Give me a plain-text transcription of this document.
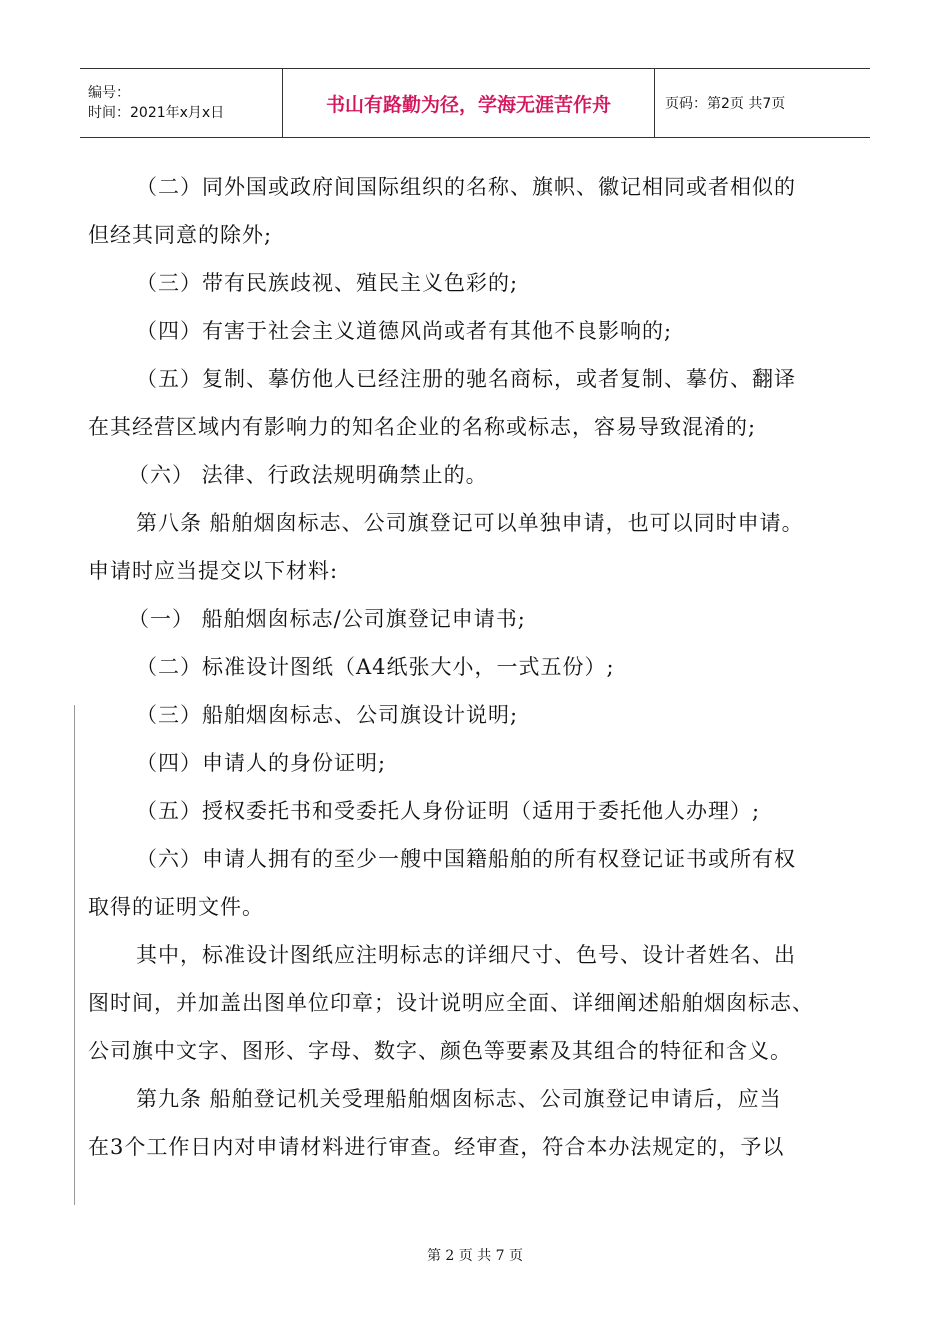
编号：
时间：2021年x月x日	书山有路勤为径，学海无涯苦作舟	页码：第2页 共7页

（二）同外国或政府间国际组织的名称、旗帜、徽记相同或者相似的

但经其同意的除外;

（三）带有民族歧视、殖民主义色彩的;

（四）有害于社会主义道德风尚或者有其他不良影响的;

（五）复制、摹仿他人已经注册的驰名商标，或者复制、摹仿、翻译

在其经营区域内有影响力的知名企业的名称或标志，容易导致混淆的;

（六） 法律、行政法规明确禁止的。

第八条 船舶烟囱标志、公司旗登记可以单独申请，也可以同时申请。

申请时应当提交以下材料:

（一） 船舶烟囱标志/公司旗登记申请书;

（二）标准设计图纸（A4纸张大小，一式五份）;

（三）船舶烟囱标志、公司旗设计说明;

（四）申请人的身份证明;

（五）授权委托书和受委托人身份证明（适用于委托他人办理）;

（六）申请人拥有的至少一艘中国籍船舶的所有权登记证书或所有权

取得的证明文件。

其中，标准设计图纸应注明标志的详细尺寸、色号、设计者姓名、出

图时间，并加盖出图单位印章；设计说明应全面、详细阐述船舶烟囱标志、

公司旗中文字、图形、字母、数字、颜色等要素及其组合的特征和含义。

第九条 船舶登记机关受理船舶烟囱标志、公司旗登记申请后，应当

在3个工作日内对申请材料进行审查。经审查，符合本办法规定的，予以

第 2 页 共 7 页
